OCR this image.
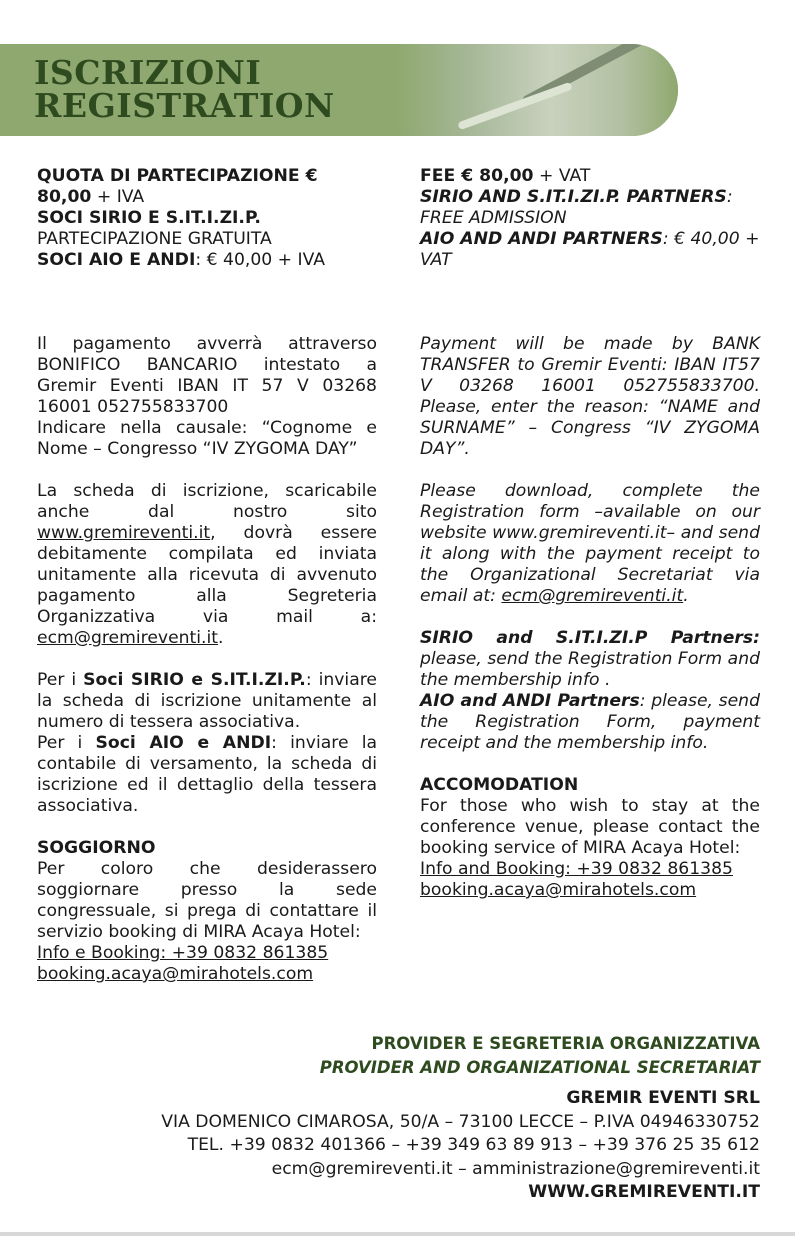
ISCRIZIONI
REGISTRATION

QUOTA DI PARTECIPAZIONE € 80,00 + IVA

SOCI SIRIO E S.IT.I.ZI.P.

PARTECIPAZIONE GRATUITA

SOCI AIO E ANDI: € 40,00 + IVA

Il pagamento avverrà attraverso BONIFICO BANCARIO intestato a Gremir Eventi IBAN IT 57 V 03268 16001 052755833700

Indicare nella causale: “Cognome e Nome – Congresso “IV ZYGOMA DAY”

La scheda di iscrizione, scaricabile anche dal nostro sito www.gremireventi.it, dovrà essere debitamente compilata ed inviata unitamente alla ricevuta di avvenuto pagamento alla Segreteria Organizzativa via mail a: ecm@gremireventi.it.

Per i Soci SIRIO e S.IT.I.ZI.P.: inviare la scheda di iscrizione unitamente al numero di tessera associativa.

Per i Soci AIO e ANDI: inviare la contabile di versamento, la scheda di iscrizione ed il dettaglio della tessera associativa.

SOGGIORNO

Per coloro che desiderassero soggiornare presso la sede congressuale, si prega di contattare il servizio booking di MIRA Acaya Hotel:

Info e Booking: +39 0832 861385

booking.acaya@mirahotels.com

FEE € 80,00 + VAT

SIRIO AND S.IT.I.ZI.P. PARTNERS:

FREE ADMISSION

AIO AND ANDI PARTNERS: € 40,00 + VAT

Payment will be made by BANK TRANSFER to Gremir Eventi: IBAN IT57 V 03268 16001 052755833700. Please, enter the reason: “NAME and SURNAME” – Congress “IV ZYGOMA DAY”.

Please download, complete the Registration form –available on our website www.gremireventi.it– and send it along with the payment receipt to the Organizational Secretariat via email at: ecm@gremireventi.it.

SIRIO and S.IT.I.ZI.P Partners: please, send the Registration Form and the membership info .

AIO and ANDI Partners: please, send the Registration Form, payment receipt and the membership info.

ACCOMODATION

For those who wish to stay at the conference venue, please contact the booking service of MIRA Acaya Hotel:

Info and Booking: +39 0832 861385

booking.acaya@mirahotels.com

PROVIDER E SEGRETERIA ORGANIZZATIVA

PROVIDER AND ORGANIZATIONAL SECRETARIAT

GREMIR EVENTI SRL

VIA DOMENICO CIMAROSA, 50/A – 73100 LECCE – P.IVA 04946330752

TEL. +39 0832 401366 – +39 349 63 89 913 – +39 376 25 35 612

ecm@gremireventi.it – amministrazione@gremireventi.it

WWW.GREMIREVENTI.IT
